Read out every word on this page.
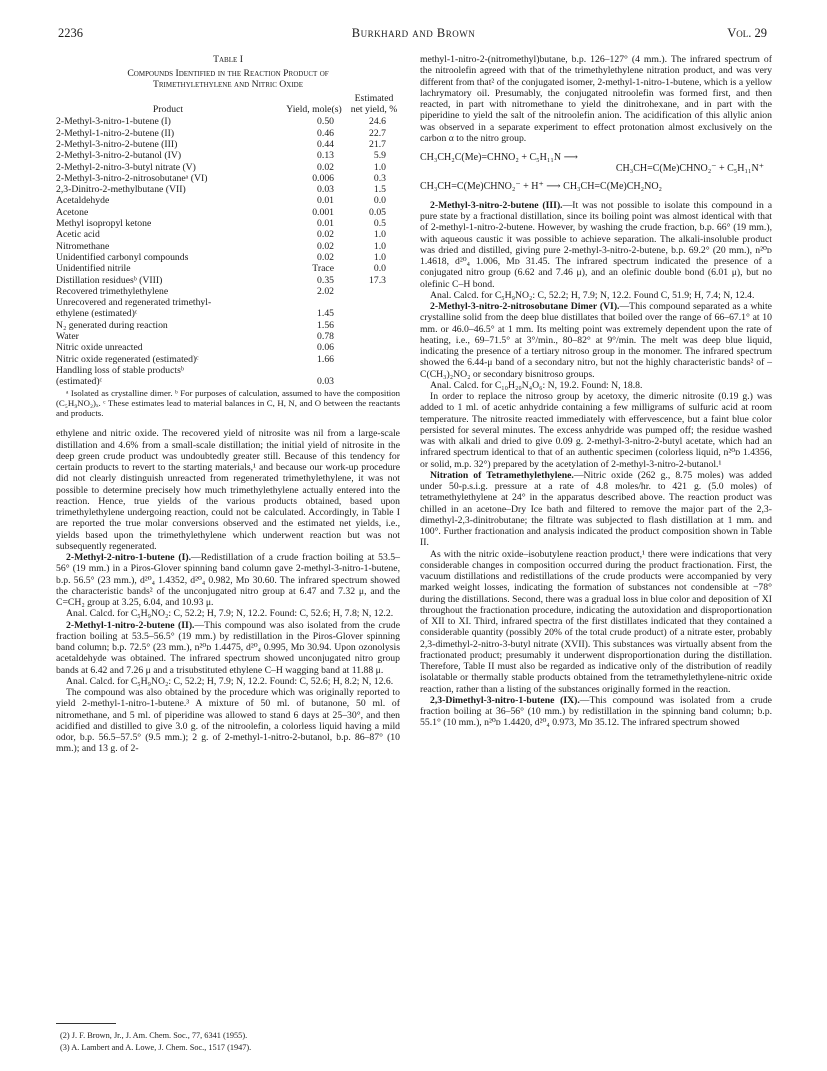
2236	Burkhard and Brown	Vol. 29
Table I
Compounds Identified in the Reaction Product of
Trimethylethylene and Nitric Oxide
Product	Yield, mole(s)	Estimated net yield, %
2-Methyl-3-nitro-1-butene (I)	0.50	24.6
2-Methyl-1-nitro-2-butene (II)	0.46	22.7
2-Methyl-3-nitro-2-butene (III)	0.44	21.7
2-Methyl-3-nitro-2-butanol (IV)	0.13	5.9
2-Methyl-2-nitro-3-butyl nitrate (V)	0.02	1.0
2-Methyl-3-nitro-2-nitrosobutaneᵃ (VI)	0.006	0.3
2,3-Dinitro-2-methylbutane (VII)	0.03	1.5
Acetaldehyde	0.01	0.0
Acetone	0.001	0.05
Methyl isopropyl ketone	0.01	0.5
Acetic acid	0.02	1.0
Nitromethane	0.02	1.0
Unidentified carbonyl compounds	0.02	1.0
Unidentified nitrile	Trace	0.0
Distillation residuesᵇ (VIII)	0.35	17.3
Recovered trimethylethylene	2.02	
Unrecovered and regenerated trimethyl-		
ethylene (estimated)ᶜ	1.45	
N₂ generated during reaction	1.56	
Water	0.78	
Nitric oxide unreacted	0.06	
Nitric oxide regenerated (estimated)ᶜ	1.66	
Handling loss of stable productsᵇ		
(estimated)ᶜ	0.03	

ᵃ Isolated as crystalline dimer. ᵇ For purposes of calculation, assumed to have the composition (C₅H₉NO₂)ₓ. ᶜ These estimates lead to material balances in C, H, N, and O between the reactants and products.

ethylene and nitric oxide. The recovered yield of nitrosite was nil from a large-scale distillation and 4.6% from a small-scale distillation; the initial yield of nitrosite in the deep green crude product was undoubtedly greater still. Because of this tendency for certain products to revert to the starting materials,¹ and because our work-up procedure did not clearly distinguish unreacted from regenerated trimethylethylene, it was not possible to determine precisely how much trimethylethylene actually entered into the reaction. Hence, true yields of the various products obtained, based upon trimethylethylene undergoing reaction, could not be calculated. Accordingly, in Table I are reported the true molar conversions observed and the estimated net yields, i.e., yields based upon the trimethylethylene which underwent reaction but was not subsequently regenerated.

2-Methyl-2-nitro-1-butene (I).—Redistillation of a crude fraction boiling at 53.5–56° (19 mm.) in a Piros-Glover spinning band column gave 2-methyl-3-nitro-1-butene, b.p. 56.5° (23 mm.), d²⁰₄ 1.4352, d²⁰₄ 0.982, Mᴅ 30.60. The infrared spectrum showed the characteristic bands² of the unconjugated nitro group at 6.47 and 7.32 μ, and the C=CH₂ group at 3.25, 6.04, and 10.93 μ.

Anal. Calcd. for C₅H₉NO₂: C, 52.2; H, 7.9; N, 12.2. Found: C, 52.6; H, 7.8; N, 12.2.

2-Methyl-1-nitro-2-butene (II).—This compound was also isolated from the crude fraction boiling at 53.5–56.5° (19 mm.) by redistillation in the Piros-Glover spinning band column; b.p. 72.5° (23 mm.), n²⁰ᴅ 1.4475, d²⁰₄ 0.995, Mᴅ 30.94. Upon ozonolysis acetaldehyde was obtained. The infrared spectrum showed unconjugated nitro group bands at 6.42 and 7.26 μ and a trisubstituted ethylene C–H wagging band at 11.88 μ.

Anal. Calcd. for C₅H₉NO₂: C, 52.2; H, 7.9; N, 12.2. Found: C, 52.6; H, 8.2; N, 12.6.

The compound was also obtained by the procedure which was originally reported to yield 2-methyl-1-nitro-1-butene.³ A mixture of 50 ml. of butanone, 50 ml. of nitromethane, and 5 ml. of piperidine was allowed to stand 6 days at 25–30°, and then acidified and distilled to give 3.0 g. of the nitroolefin, a colorless liquid having a mild odor, b.p. 56.5–57.5° (9.5 mm.); 2 g. of 2-methyl-1-nitro-2-butanol, b.p. 86–87° (10 mm.); and 13 g. of 2-

methyl-1-nitro-2-(nitromethyl)butane, b.p. 126–127° (4 mm.). The infrared spectrum of the nitroolefin agreed with that of the trimethylethylene nitration product, and was very different from that² of the conjugated isomer, 2-methyl-1-nitro-1-butene, which is a yellow lachrymatory oil. Presumably, the conjugated nitroolefin was formed first, and then reacted, in part with nitromethane to yield the dinitrohexane, and in part with the piperidine to yield the salt of the nitroolefin anion. The acidification of this allylic anion was observed in a separate experiment to effect protonation almost exclusively on the carbon α to the nitro group.

CH₃CH₂C(Me)=CHNO₂ + C₅H₁₁N ⟶
CH₃CH=C(Me)CHNO₂⁻ + C₅H₁₁N⁺
CH₃CH=C(Me)CHNO₂⁻ + H⁺ ⟶ CH₃CH=C(Me)CH₂NO₂

2-Methyl-3-nitro-2-butene (III).—It was not possible to isolate this compound in a pure state by a fractional distillation, since its boiling point was almost identical with that of 2-methyl-1-nitro-2-butene. However, by washing the crude fraction, b.p. 66° (19 mm.), with aqueous caustic it was possible to achieve separation. The alkali-insoluble product was dried and distilled, giving pure 2-methyl-3-nitro-2-butene, b.p. 69.2° (20 mm.), n²⁰ᴅ 1.4618, d²⁰₄ 1.006, Mᴅ 31.45. The infrared spectrum indicated the presence of a conjugated nitro group (6.62 and 7.46 μ), and an olefinic double bond (6.01 μ), but no olefinic C–H bond.

Anal. Calcd. for C₅H₉NO₂: C, 52.2; H, 7.9; N, 12.2. Found C, 51.9; H, 7.4; N, 12.4.

2-Methyl-3-nitro-2-nitrosobutane Dimer (VI).—This compound separated as a white crystalline solid from the deep blue distillates that boiled over the range of 66–67.1° at 10 mm. or 46.0–46.5° at 1 mm. Its melting point was extremely dependent upon the rate of heating, i.e., 69–71.5° at 3°/min., 80–82° at 9°/min. The melt was deep blue liquid, indicating the presence of a tertiary nitroso group in the monomer. The infrared spectrum showed the 6.44-μ band of a secondary nitro, but not the highly characteristic bands² of –C(CH₃)₂NO₂ or secondary bisnitroso groups.

Anal. Calcd. for C₁₀H₂₀N₄O₆: N, 19.2. Found: N, 18.8.

In order to replace the nitroso group by acetoxy, the dimeric nitrosite (0.19 g.) was added to 1 ml. of acetic anhydride containing a few milligrams of sulfuric acid at room temperature. The nitrosite reacted immediately with effervescence, but a faint blue color persisted for several minutes. The excess anhydride was pumped off; the residue washed was with alkali and dried to give 0.09 g. 2-methyl-3-nitro-2-butyl acetate, which had an infrared spectrum identical to that of an authentic specimen (colorless liquid, n²⁰ᴅ 1.4356, or solid, m.p. 32°) prepared by the acetylation of 2-methyl-3-nitro-2-butanol.¹

Nitration of Tetramethylethylene.—Nitric oxide (262 g., 8.75 moles) was added under 50-p.s.i.g. pressure at a rate of 4.8 moles/hr. to 421 g. (5.0 moles) of tetramethylethylene at 24° in the apparatus described above. The reaction product was chilled in an acetone–Dry Ice bath and filtered to remove the major part of the 2,3-dimethyl-2,3-dinitrobutane; the filtrate was subjected to flash distillation at 1 mm. and 100°. Further fractionation and analysis indicated the product composition shown in Table II.

As with the nitric oxide–isobutylene reaction product,¹ there were indications that very considerable changes in composition occurred during the product fractionation. First, the vacuum distillations and redistillations of the crude products were accompanied by very marked weight losses, indicating the formation of substances not condensible at −78° during the distillations. Second, there was a gradual loss in blue color and deposition of XI throughout the fractionation procedure, indicating the autoxidation and disproportionation of XII to XI. Third, infrared spectra of the first distillates indicated that they contained a considerable quantity (possibly 20% of the total crude product) of a nitrate ester, probably 2,3-dimethyl-2-nitro-3-butyl nitrate (XVII). This substances was virtually absent from the fractionated product; presumably it underwent disproportionation during the distillation. Therefore, Table II must also be regarded as indicative only of the distribution of readily isolatable or thermally stable products obtained from the tetramethylethylene-nitric oxide reaction, rather than a listing of the substances originally formed in the reaction.

2,3-Dimethyl-3-nitro-1-butene (IX).—This compound was isolated from a crude fraction boiling at 36–56° (10 mm.) by redistillation in the spinning band column; b.p. 55.1° (10 mm.), n²⁰ᴅ 1.4420, d²⁰₄ 0.973, Mᴅ 35.12. The infrared spectrum showed

(2) J. F. Brown, Jr., J. Am. Chem. Soc., 77, 6341 (1955).
(3) A. Lambert and A. Lowe, J. Chem. Soc., 1517 (1947).
